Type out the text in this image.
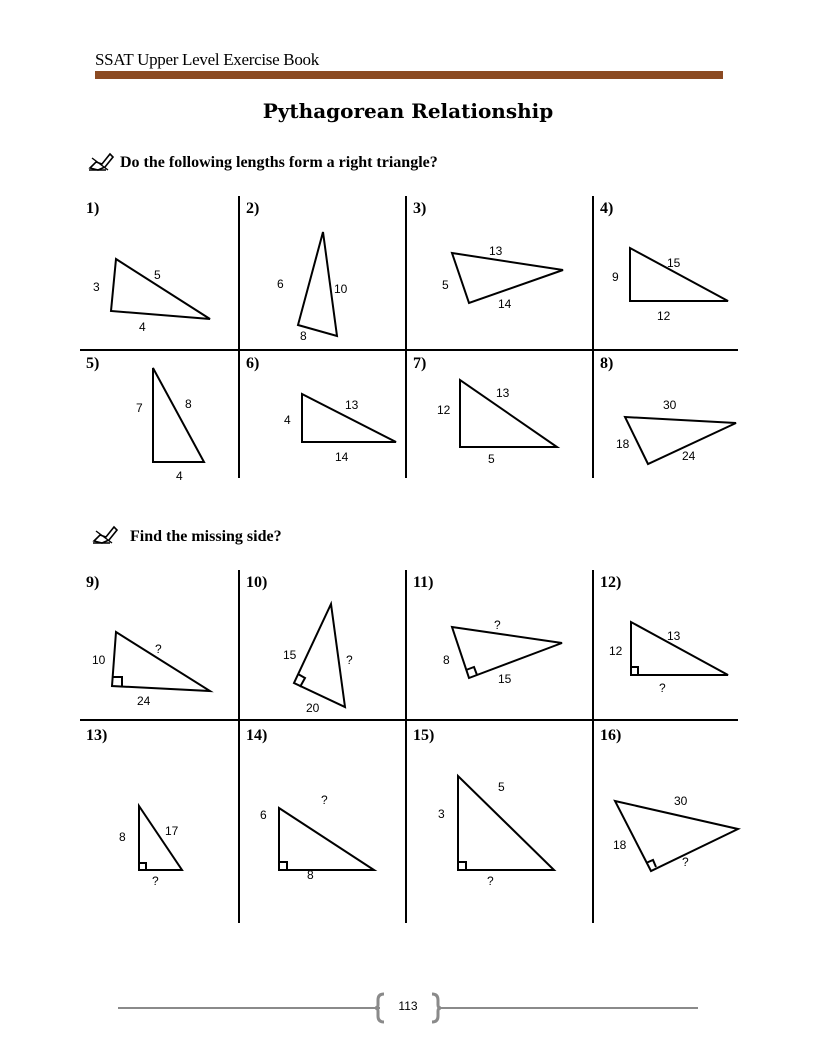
SSAT Upper Level Exercise Book
Pythagorean Relationship
Do the following lengths form a right triangle?
1)	2)	3)	4)
5)	6)	7)	8)
Find the missing side?
9)	10)	11)	12)
13)	14)	15)	16)
3
5
4
6	10
8
13
5
14
9
15
12
7	8
4
13
4
14
13
12
5
30
18
24
10
?
24
15	?
20
?
8
15
13
12
?
8	17
?
6
?
8
5
3
?
30
18
?
113
